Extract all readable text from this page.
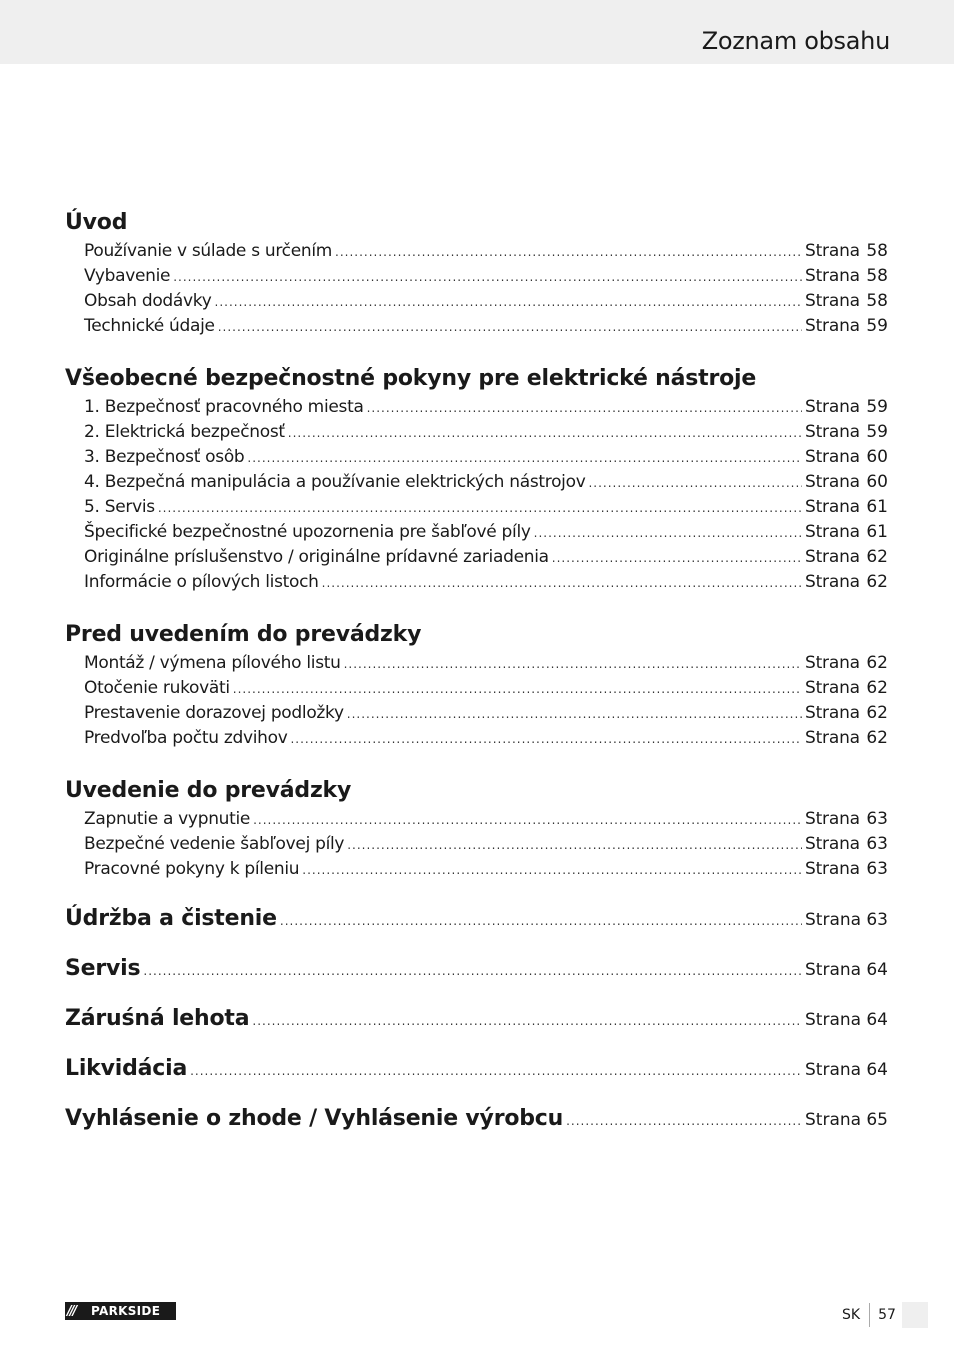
Zoznam obsahu
Úvod
Používanie v súlade s určením .....	Strana 58
Vybavenie .....	Strana 58
Obsah dodávky .....	Strana 58
Technické údaje .....	Strana 59
Všeobecné bezpečnostné pokyny pre elektrické nástroje
1. Bezpečnosť pracovného miesta .....	Strana 59
2. Elektrická bezpečnosť .....	Strana 59
3. Bezpečnosť osôb .....	Strana 60
4. Bezpečná manipulácia a používanie elektrických nástrojov .....	Strana 60
5. Servis .....	Strana 61
Špecifické bezpečnostné upozornenia pre šabľové píly .....	Strana 61
Originálne príslušenstvo / originálne prídavné zariadenia .....	Strana 62
Informácie o pílových listoch .....	Strana 62
Pred uvedením do prevádzky
Montáž / výmena pílového listu .....	Strana 62
Otočenie rukoväti .....	Strana 62
Prestavenie dorazovej podložky .....	Strana 62
Predvoľba počtu zdvihov .....	Strana 62
Uvedenie do prevádzky
Zapnutie a vypnutie .....	Strana 63
Bezpečné vedenie šabľovej píly .....	Strana 63
Pracovné pokyny k píleniu .....	Strana 63
Údržba a čistenie .....	Strana 63
Servis .....	Strana 64
Záruśná lehota .....	Strana 64
Likvidácia .....	Strana 64
Vyhlásenie o zhode / Vyhlásenie výrobcu .....	Strana 65
///	PARKSIDE	SK	57
